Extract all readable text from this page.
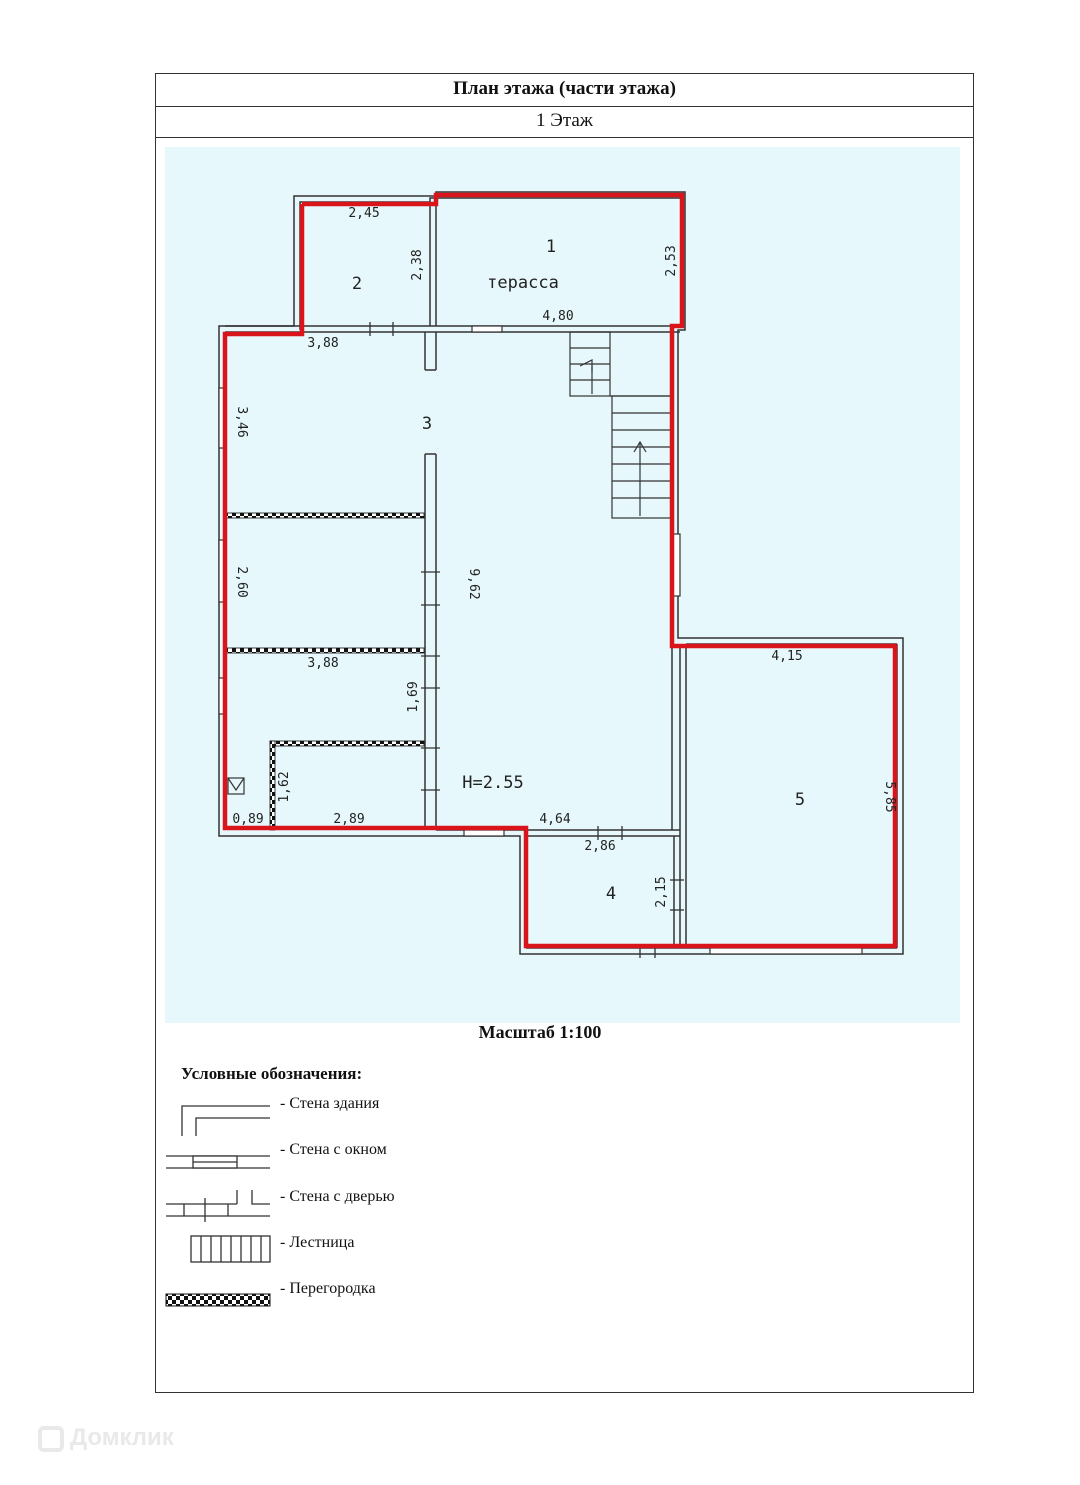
План этажа (части этажа)
1 Этаж
1
терасса
2
3
4
5
H=2.55
2,45
4,80
3,88
3,88
0,89	2,89	4,64
2,86
4,15
2,38	2,53
3,46
2,60	9,62
1,69
1,62
2,15
5,85
Масштаб 1:100
Условные обозначения:
- Стена здания
- Стена с окном
- Стена с дверью
- Лестница
- Перегородка
Домклик
